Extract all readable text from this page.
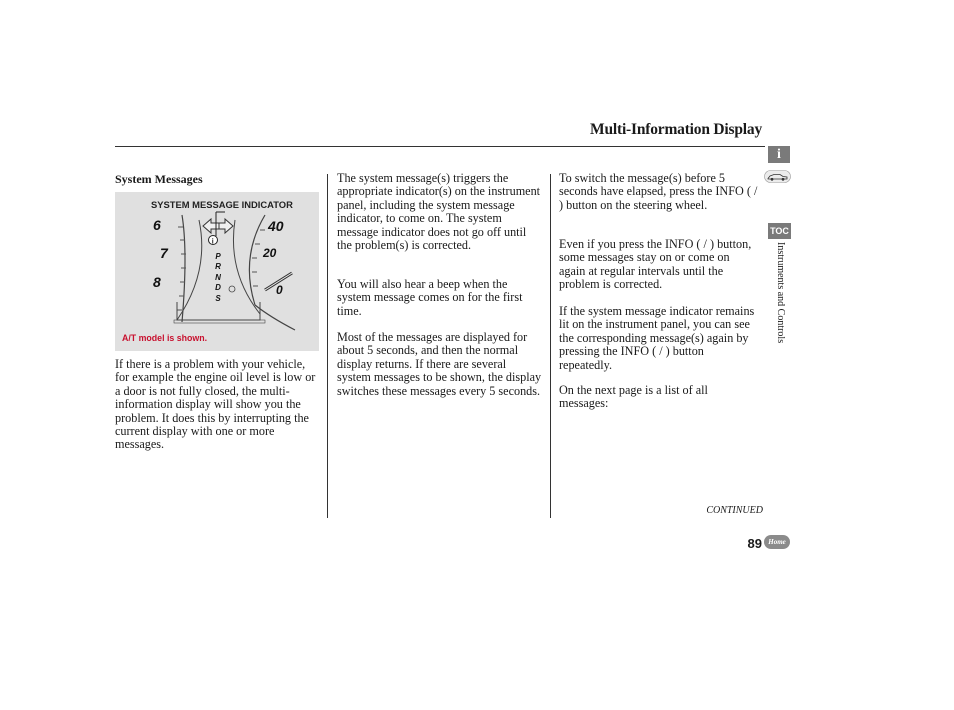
Multi-Information Display
System Messages
i
SYSTEM MESSAGE INDICATOR
6
7
8
40
20
0
P
R
N
D
S
A/T model is shown.
If there is a problem with your vehicle, for example the engine oil level is low or a door is not fully closed, the multi-information display will show you the problem. It does this by interrupting the current display with one or more messages.
The system message(s) triggers the appropriate indicator(s) on the instrument panel, including the system message indicator, to come on. The system message indicator does not go off until the problem(s) is corrected.
You will also hear a beep when the system message comes on for the first time.
Most of the messages are displayed for about 5 seconds, and then the normal display returns. If there are several system messages to be shown, the display switches these messages every 5 seconds.
To switch the message(s) before 5 seconds have elapsed, press the INFO ( / ) button on the steering wheel.
Even if you press the INFO ( / ) button, some messages stay on or come on again at regular intervals until the problem is corrected.
If the system message indicator remains lit on the instrument panel, you can see the corresponding message(s) again by pressing the INFO ( / ) button repeatedly.
On the next page is a list of all messages:
CONTINUED
89 Home
i
TOC
Instruments and Controls
